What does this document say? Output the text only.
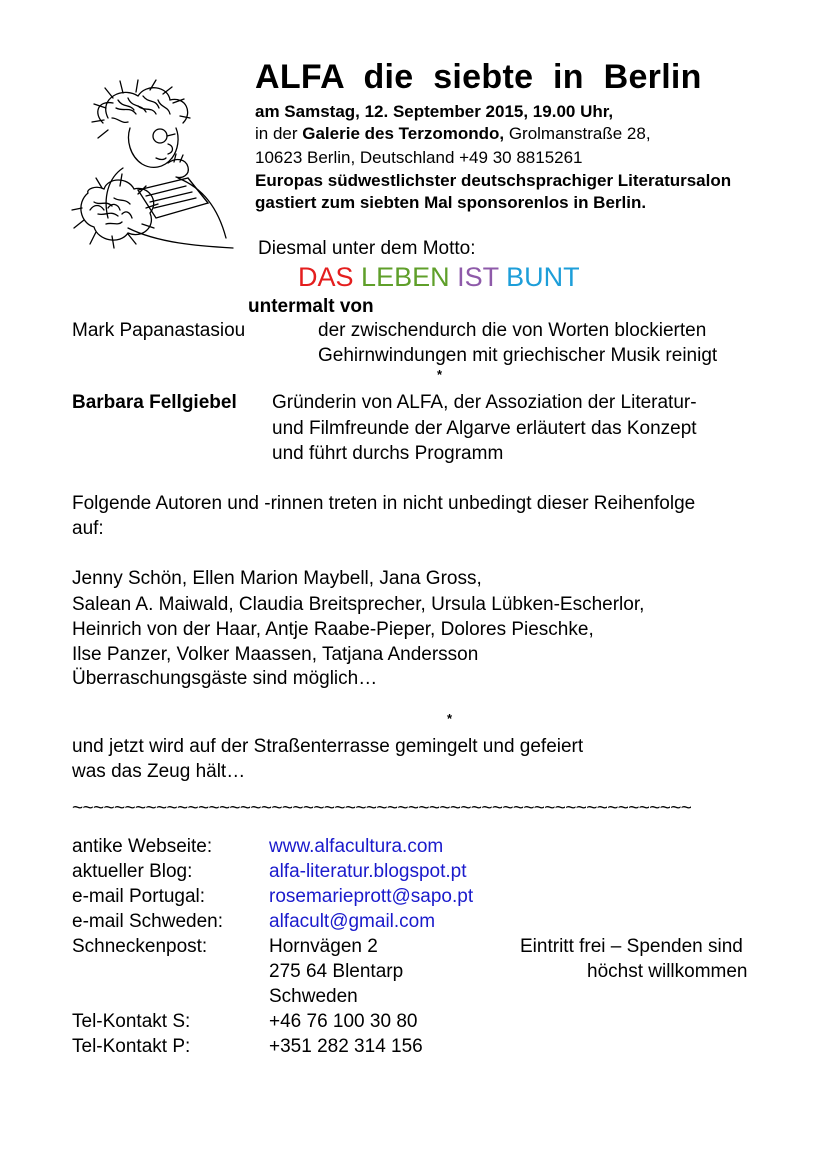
ALFA die siebte in Berlin
am Samstag, 12. September 2015, 19.00 Uhr,
in der Galerie des Terzomondo, Grolmanstraße 28,
10623 Berlin, Deutschland +49 30 8815261
Europas südwestlichster deutschsprachiger Literatursalon
gastiert zum siebten Mal sponsorenlos in Berlin.
Diesmal unter dem Motto:
DAS LEBEN IST BUNT
untermalt von
Mark Papanastasiou	der zwischendurch die von Worten blockierten
Gehirnwindungen mit griechischer Musik reinigt
*
Barbara Fellgiebel Gründerin von ALFA, der Assoziation der Literatur-
und Filmfreunde der Algarve erläutert das Konzept
und führt durchs Programm
Folgende Autoren und -rinnen treten in nicht unbedingt dieser Reihenfolge
auf:
Jenny Schön, Ellen Marion Maybell, Jana Gross,
Salean A. Maiwald, Claudia Breitsprecher, Ursula Lübken-Escherlor,
Heinrich von der Haar, Antje Raabe-Pieper, Dolores Pieschke,
Ilse Panzer, Volker Maassen, Tatjana Andersson
Überraschungsgäste sind möglich…
*
und jetzt wird auf der Straßenterrasse gemingelt und gefeiert
was das Zeug hält…
~~~~~~~~~~~~~~~~~~~~~~~~~~~~~~~~~~~~~~~~~~~~~~~~~~~~~~~~~~~
antike Webseite:	www.alfacultura.com
aktueller Blog:	alfa-literatur.blogspot.pt
e-mail Portugal:	rosemarieprott@sapo.pt
e-mail Schweden: alfacult@gmail.com
Schneckenpost:	Hornvägen 2
275 64 Blentarp
Schweden
Eintritt frei – Spenden sind
höchst willkommen
Tel-Kontakt S:	+46 76 100 30 80
Tel-Kontakt P:	+351 282 314 156
